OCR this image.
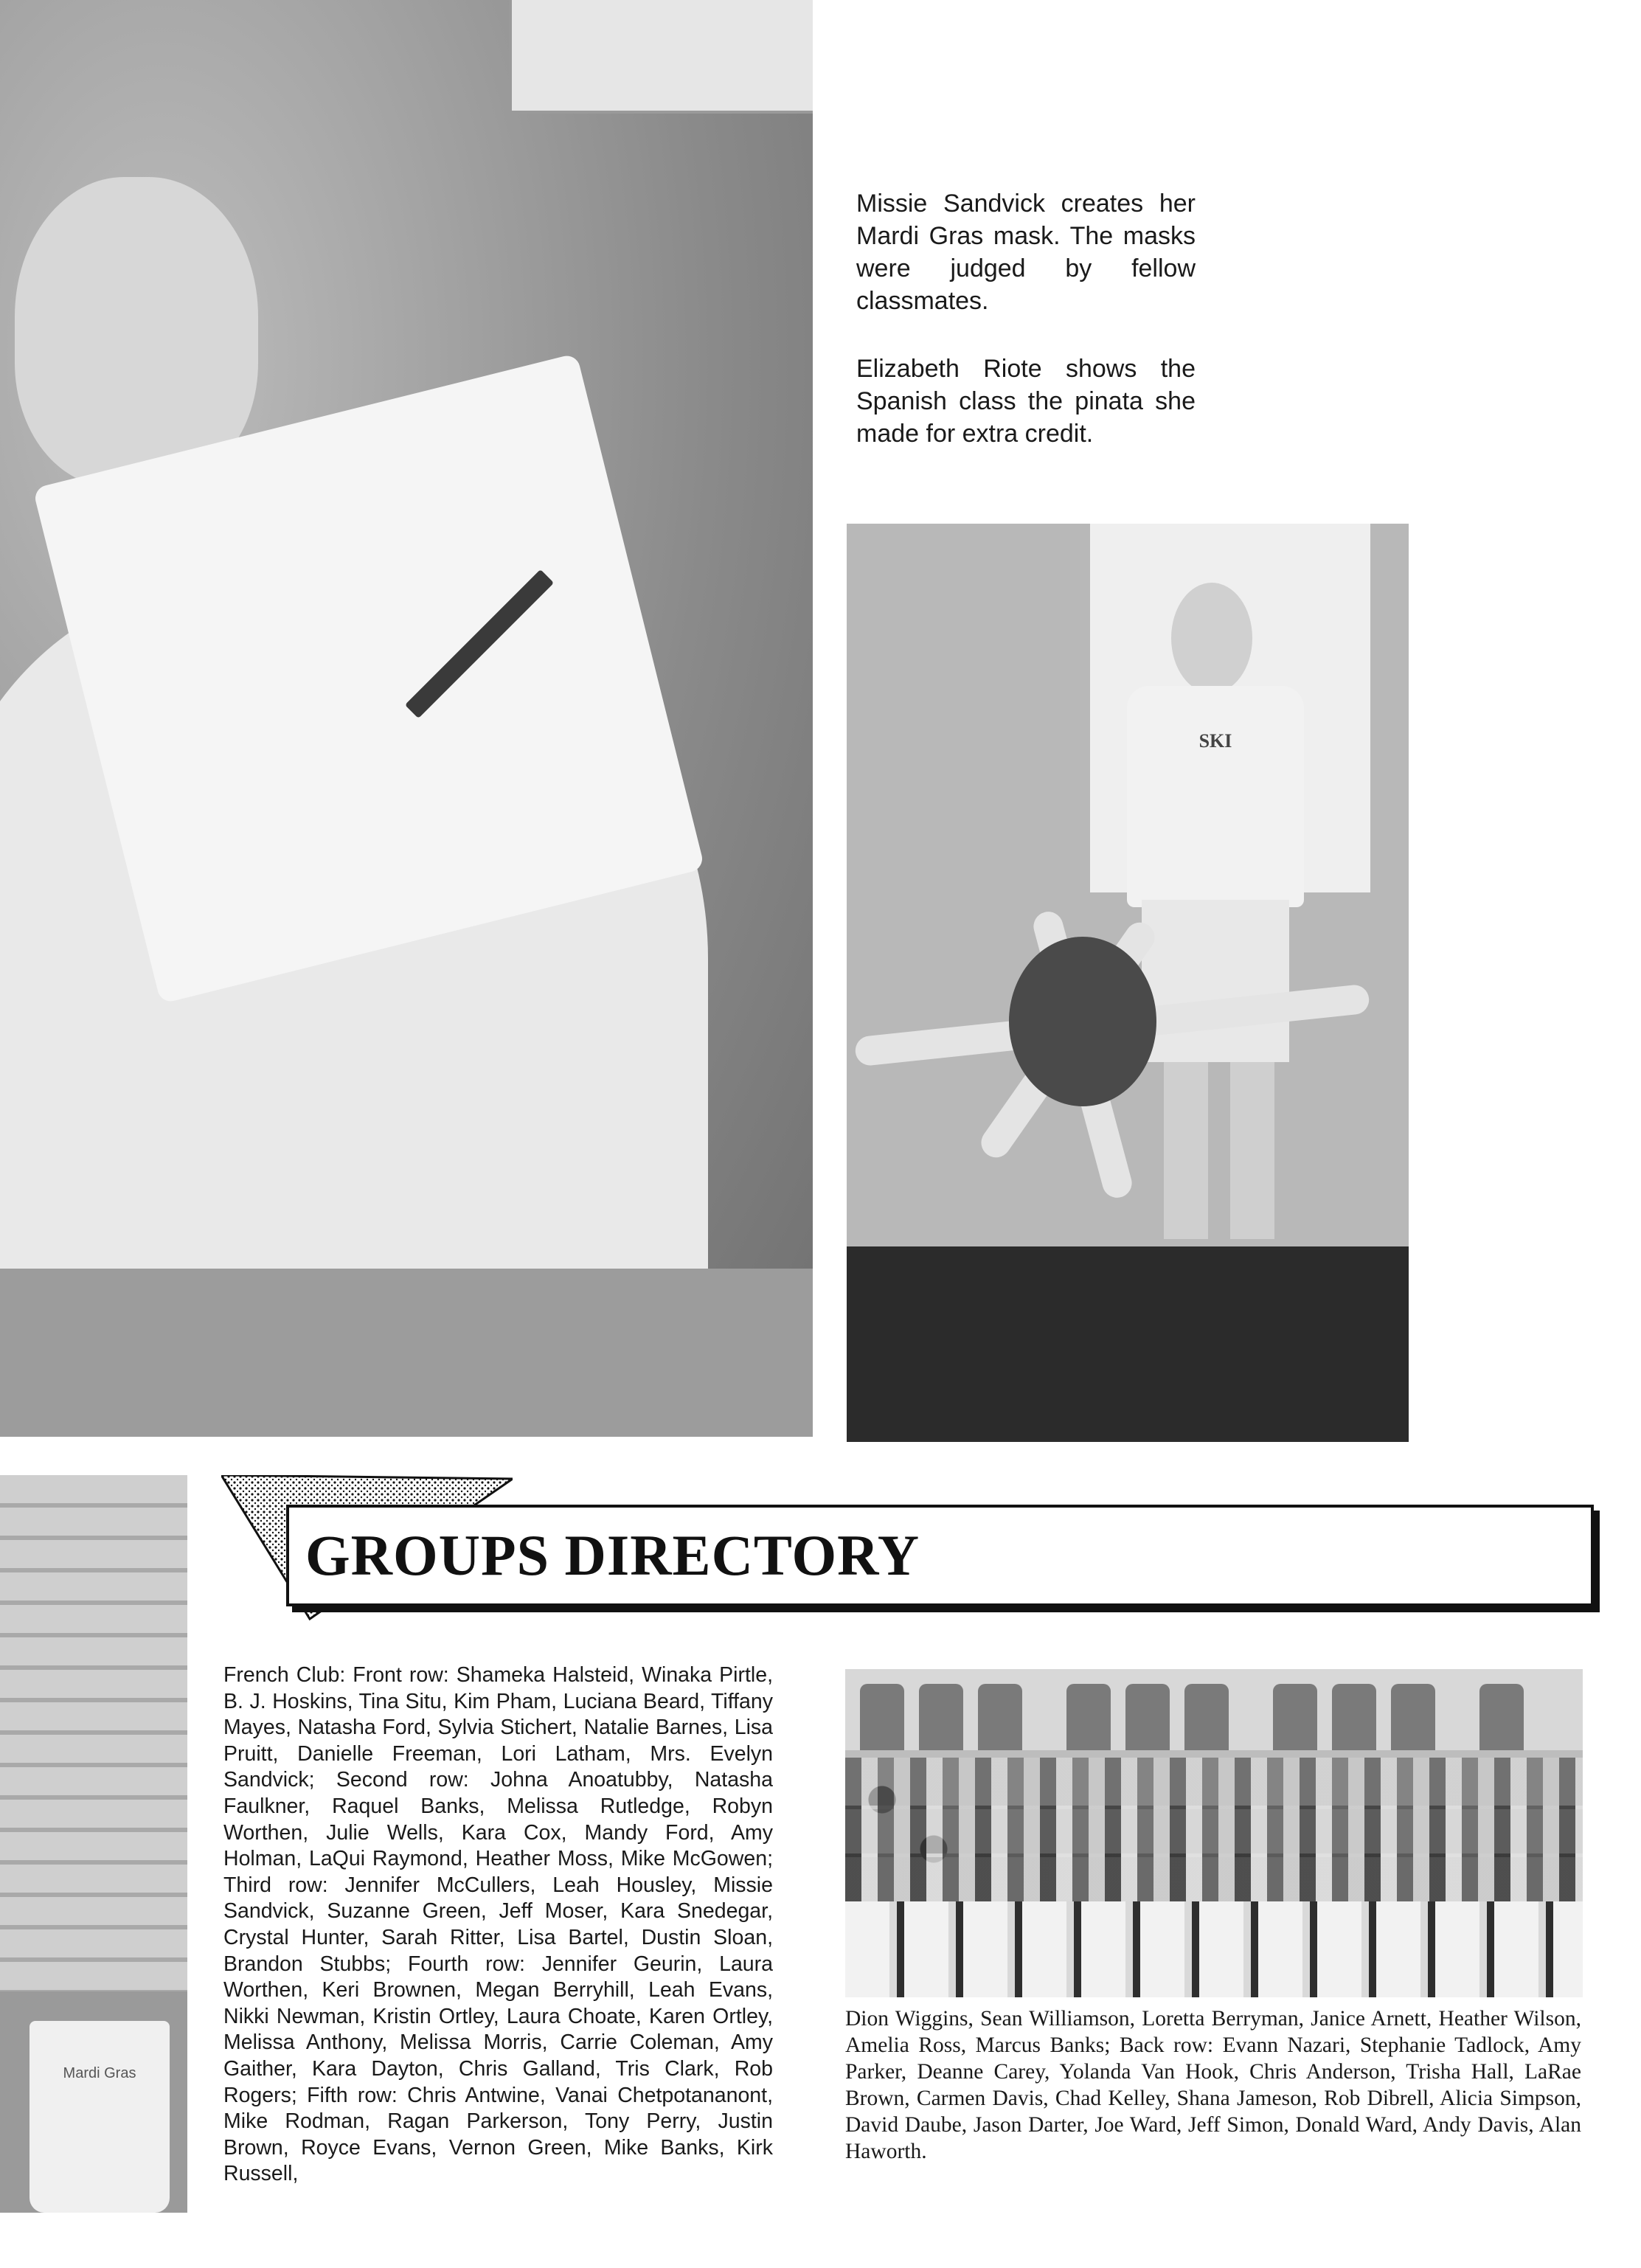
Missie Sandvick creates her Mardi Gras mask. The masks were judged by fellow classmates.
Elizabeth Riote shows the Spanish class the pinata she made for extra credit.
SKI
Mardi Gras
GROUPS DIRECTORY
French Club: Front row: Shameka Halsteid, Winaka Pirtle, B. J. Hoskins, Tina Situ, Kim Pham, Luciana Beard, Tiffany Mayes, Natasha Ford, Sylvia Stichert, Natalie Barnes, Lisa Pruitt, Danielle Freeman, Lori Latham, Mrs. Evelyn Sandvick; Second row: Johna Anoatubby, Natasha Faulkner, Raquel Banks, Melissa Rutledge, Robyn Worthen, Julie Wells, Kara Cox, Mandy Ford, Amy Holman, LaQui Raymond, Heather Moss, Mike McGowen; Third row: Jennifer McCullers, Leah Housley, Missie Sandvick, Suzanne Green, Jeff Moser, Kara Snedegar, Crystal Hunter, Sarah Ritter, Lisa Bartel, Dustin Sloan, Brandon Stubbs; Fourth row: Jennifer Geurin, Laura Worthen, Keri Brownen, Megan Berryhill, Leah Evans, Nikki Newman, Kristin Ortley, Laura Choate, Karen Ortley, Melissa Anthony, Melissa Morris, Carrie Coleman, Amy Gaither, Kara Dayton, Chris Galland, Tris Clark, Rob Rogers; Fifth row: Chris Antwine, Vanai Chetpotananont, Mike Rodman, Ragan Parkerson, Tony Perry, Justin Brown, Royce Evans, Vernon Green, Mike Banks, Kirk Russell,
Dion Wiggins, Sean Williamson, Loretta Berryman, Janice Arnett, Heather Wilson, Amelia Ross, Marcus Banks; Back row: Evann Nazari, Stephanie Tadlock, Amy Parker, Deanne Carey, Yolanda Van Hook, Chris Anderson, Trisha Hall, LaRae Brown, Carmen Davis, Chad Kelley, Shana Jameson, Rob Dibrell, Alicia Simpson, David Daube, Jason Darter, Joe Ward, Jeff Simon, Donald Ward, Andy Davis, Alan Haworth.
